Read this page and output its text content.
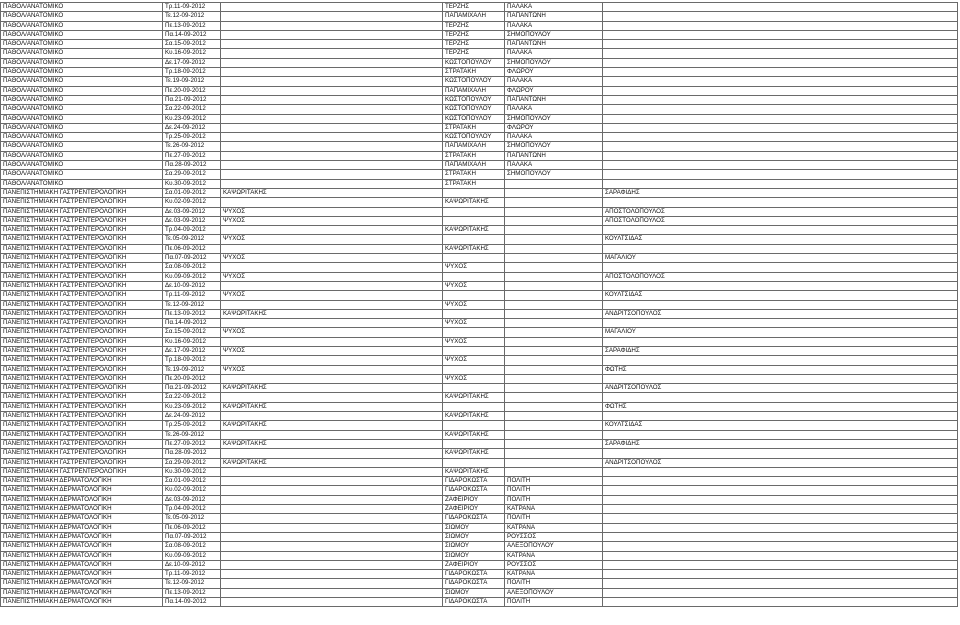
ΠΑΘΟΛ/ΑΝΑΤΟΜΙΚΟ	Τρ.11-09-2012		ΤΕΡΖΗΣ	ΠΑΛΑΚΑ	
ΠΑΘΟΛ/ΑΝΑΤΟΜΙΚΟ	Τε.12-09-2012		ΠΑΠΑΜΙΧΑΛΗ	ΠΑΠΑΝΤΩΝΗ	
ΠΑΘΟΛ/ΑΝΑΤΟΜΙΚΟ	Πε.13-09-2012		ΤΕΡΖΗΣ	ΠΑΛΑΚΑ	
ΠΑΘΟΛ/ΑΝΑΤΟΜΙΚΟ	Πα.14-09-2012		ΤΕΡΖΗΣ	ΣΗΜΟΠΟΥΛΟΥ	
ΠΑΘΟΛ/ΑΝΑΤΟΜΙΚΟ	Σα.15-09-2012		ΤΕΡΖΗΣ	ΠΑΠΑΝΤΩΝΗ	
ΠΑΘΟΛ/ΑΝΑΤΟΜΙΚΟ	Κυ.16-09-2012		ΤΕΡΖΗΣ	ΠΑΛΑΚΑ	
ΠΑΘΟΛ/ΑΝΑΤΟΜΙΚΟ	Δε.17-09-2012		ΚΩΣΤΟΠΟΥΛΟΥ	ΣΗΜΟΠΟΥΛΟΥ	
ΠΑΘΟΛ/ΑΝΑΤΟΜΙΚΟ	Τρ.18-09-2012		ΣΤΡΑΤΑΚΗ	ΦΛΩΡΟΥ	
ΠΑΘΟΛ/ΑΝΑΤΟΜΙΚΟ	Τε.19-09-2012		ΚΩΣΤΟΠΟΥΛΟΥ	ΠΑΛΑΚΑ	
ΠΑΘΟΛ/ΑΝΑΤΟΜΙΚΟ	Πε.20-09-2012		ΠΑΠΑΜΙΧΑΛΗ	ΦΛΩΡΟΥ	
ΠΑΘΟΛ/ΑΝΑΤΟΜΙΚΟ	Πα.21-09-2012		ΚΩΣΤΟΠΟΥΛΟΥ	ΠΑΠΑΝΤΩΝΗ	
ΠΑΘΟΛ/ΑΝΑΤΟΜΙΚΟ	Σα.22-09-2012		ΚΩΣΤΟΠΟΥΛΟΥ	ΠΑΛΑΚΑ	
ΠΑΘΟΛ/ΑΝΑΤΟΜΙΚΟ	Κυ.23-09-2012		ΚΩΣΤΟΠΟΥΛΟΥ	ΣΗΜΟΠΟΥΛΟΥ	
ΠΑΘΟΛ/ΑΝΑΤΟΜΙΚΟ	Δε.24-09-2012		ΣΤΡΑΤΑΚΗ	ΦΛΩΡΟΥ	
ΠΑΘΟΛ/ΑΝΑΤΟΜΙΚΟ	Τρ.25-09-2012		ΚΩΣΤΟΠΟΥΛΟΥ	ΠΑΛΑΚΑ	
ΠΑΘΟΛ/ΑΝΑΤΟΜΙΚΟ	Τε.26-09-2012		ΠΑΠΑΜΙΧΑΛΗ	ΣΗΜΟΠΟΥΛΟΥ	
ΠΑΘΟΛ/ΑΝΑΤΟΜΙΚΟ	Πε.27-09-2012		ΣΤΡΑΤΑΚΗ	ΠΑΠΑΝΤΩΝΗ	
ΠΑΘΟΛ/ΑΝΑΤΟΜΙΚΟ	Πα.28-09-2012		ΠΑΠΑΜΙΧΑΛΗ	ΠΑΛΑΚΑ	
ΠΑΘΟΛ/ΑΝΑΤΟΜΙΚΟ	Σα.29-09-2012		ΣΤΡΑΤΑΚΗ	ΣΗΜΟΠΟΥΛΟΥ	
ΠΑΘΟΛ/ΑΝΑΤΟΜΙΚΟ	Κυ.30-09-2012		ΣΤΡΑΤΑΚΗ		
ΠΑΝΕΠΙΣΤΗΜΙΑΚΗ ΓΑΣΤΡΕΝΤΕΡΟΛΟΓΙΚΗ	Σα.01-09-2012	ΚΑΨΩΡΙΤΑΚΗΣ			ΣΑΡΑΦΙΔΗΣ
ΠΑΝΕΠΙΣΤΗΜΙΑΚΗ ΓΑΣΤΡΕΝΤΕΡΟΛΟΓΙΚΗ	Κυ.02-09-2012		ΚΑΨΩΡΙΤΑΚΗΣ		
ΠΑΝΕΠΙΣΤΗΜΙΑΚΗ ΓΑΣΤΡΕΝΤΕΡΟΛΟΓΙΚΗ	Δε.03-09-2012	ΨΥΧΟΣ			ΑΠΟΣΤΟΛΟΠΟΥΛΟΣ
ΠΑΝΕΠΙΣΤΗΜΙΑΚΗ ΓΑΣΤΡΕΝΤΕΡΟΛΟΓΙΚΗ	Δε.03-09-2012	ΨΥΧΟΣ			ΑΠΟΣΤΟΛΟΠΟΥΛΟΣ
ΠΑΝΕΠΙΣΤΗΜΙΑΚΗ ΓΑΣΤΡΕΝΤΕΡΟΛΟΓΙΚΗ	Τρ.04-09-2012		ΚΑΨΩΡΙΤΑΚΗΣ		
ΠΑΝΕΠΙΣΤΗΜΙΑΚΗ ΓΑΣΤΡΕΝΤΕΡΟΛΟΓΙΚΗ	Τε.05-09-2012	ΨΥΧΟΣ			ΚΟΥΛΤΣΙΔΑΣ
ΠΑΝΕΠΙΣΤΗΜΙΑΚΗ ΓΑΣΤΡΕΝΤΕΡΟΛΟΓΙΚΗ	Πε.06-09-2012		ΚΑΨΩΡΙΤΑΚΗΣ		
ΠΑΝΕΠΙΣΤΗΜΙΑΚΗ ΓΑΣΤΡΕΝΤΕΡΟΛΟΓΙΚΗ	Πα.07-09-2012	ΨΥΧΟΣ			ΜΑΓΑΛΙΟΥ
ΠΑΝΕΠΙΣΤΗΜΙΑΚΗ ΓΑΣΤΡΕΝΤΕΡΟΛΟΓΙΚΗ	Σα.08-09-2012		ΨΥΧΟΣ		
ΠΑΝΕΠΙΣΤΗΜΙΑΚΗ ΓΑΣΤΡΕΝΤΕΡΟΛΟΓΙΚΗ	Κυ.09-09-2012	ΨΥΧΟΣ			ΑΠΟΣΤΟΛΟΠΟΥΛΟΣ
ΠΑΝΕΠΙΣΤΗΜΙΑΚΗ ΓΑΣΤΡΕΝΤΕΡΟΛΟΓΙΚΗ	Δε.10-09-2012		ΨΥΧΟΣ		
ΠΑΝΕΠΙΣΤΗΜΙΑΚΗ ΓΑΣΤΡΕΝΤΕΡΟΛΟΓΙΚΗ	Τρ.11-09-2012	ΨΥΧΟΣ			ΚΟΥΛΤΣΙΔΑΣ
ΠΑΝΕΠΙΣΤΗΜΙΑΚΗ ΓΑΣΤΡΕΝΤΕΡΟΛΟΓΙΚΗ	Τε.12-09-2012		ΨΥΧΟΣ		
ΠΑΝΕΠΙΣΤΗΜΙΑΚΗ ΓΑΣΤΡΕΝΤΕΡΟΛΟΓΙΚΗ	Πε.13-09-2012	ΚΑΨΩΡΙΤΑΚΗΣ			ΑΝΔΡΙΤΣΟΠΟΥΛΟΣ
ΠΑΝΕΠΙΣΤΗΜΙΑΚΗ ΓΑΣΤΡΕΝΤΕΡΟΛΟΓΙΚΗ	Πα.14-09-2012		ΨΥΧΟΣ		
ΠΑΝΕΠΙΣΤΗΜΙΑΚΗ ΓΑΣΤΡΕΝΤΕΡΟΛΟΓΙΚΗ	Σα.15-09-2012	ΨΥΧΟΣ			ΜΑΓΑΛΙΟΥ
ΠΑΝΕΠΙΣΤΗΜΙΑΚΗ ΓΑΣΤΡΕΝΤΕΡΟΛΟΓΙΚΗ	Κυ.16-09-2012		ΨΥΧΟΣ		
ΠΑΝΕΠΙΣΤΗΜΙΑΚΗ ΓΑΣΤΡΕΝΤΕΡΟΛΟΓΙΚΗ	Δε.17-09-2012	ΨΥΧΟΣ			ΣΑΡΑΦΙΔΗΣ
ΠΑΝΕΠΙΣΤΗΜΙΑΚΗ ΓΑΣΤΡΕΝΤΕΡΟΛΟΓΙΚΗ	Τρ.18-09-2012		ΨΥΧΟΣ		
ΠΑΝΕΠΙΣΤΗΜΙΑΚΗ ΓΑΣΤΡΕΝΤΕΡΟΛΟΓΙΚΗ	Τε.19-09-2012	ΨΥΧΟΣ			ΦΩΤΗΣ
ΠΑΝΕΠΙΣΤΗΜΙΑΚΗ ΓΑΣΤΡΕΝΤΕΡΟΛΟΓΙΚΗ	Πε.20-09-2012		ΨΥΧΟΣ		
ΠΑΝΕΠΙΣΤΗΜΙΑΚΗ ΓΑΣΤΡΕΝΤΕΡΟΛΟΓΙΚΗ	Πα.21-09-2012	ΚΑΨΩΡΙΤΑΚΗΣ			ΑΝΔΡΙΤΣΟΠΟΥΛΟΣ
ΠΑΝΕΠΙΣΤΗΜΙΑΚΗ ΓΑΣΤΡΕΝΤΕΡΟΛΟΓΙΚΗ	Σα.22-09-2012		ΚΑΨΩΡΙΤΑΚΗΣ		
ΠΑΝΕΠΙΣΤΗΜΙΑΚΗ ΓΑΣΤΡΕΝΤΕΡΟΛΟΓΙΚΗ	Κυ.23-09-2012	ΚΑΨΩΡΙΤΑΚΗΣ			ΦΩΤΗΣ
ΠΑΝΕΠΙΣΤΗΜΙΑΚΗ ΓΑΣΤΡΕΝΤΕΡΟΛΟΓΙΚΗ	Δε.24-09-2012		ΚΑΨΩΡΙΤΑΚΗΣ		
ΠΑΝΕΠΙΣΤΗΜΙΑΚΗ ΓΑΣΤΡΕΝΤΕΡΟΛΟΓΙΚΗ	Τρ.25-09-2012	ΚΑΨΩΡΙΤΑΚΗΣ			ΚΟΥΛΤΣΙΔΑΣ
ΠΑΝΕΠΙΣΤΗΜΙΑΚΗ ΓΑΣΤΡΕΝΤΕΡΟΛΟΓΙΚΗ	Τε.26-09-2012		ΚΑΨΩΡΙΤΑΚΗΣ		
ΠΑΝΕΠΙΣΤΗΜΙΑΚΗ ΓΑΣΤΡΕΝΤΕΡΟΛΟΓΙΚΗ	Πε.27-09-2012	ΚΑΨΩΡΙΤΑΚΗΣ			ΣΑΡΑΦΙΔΗΣ
ΠΑΝΕΠΙΣΤΗΜΙΑΚΗ ΓΑΣΤΡΕΝΤΕΡΟΛΟΓΙΚΗ	Πα.28-09-2012		ΚΑΨΩΡΙΤΑΚΗΣ		
ΠΑΝΕΠΙΣΤΗΜΙΑΚΗ ΓΑΣΤΡΕΝΤΕΡΟΛΟΓΙΚΗ	Σα.29-09-2012	ΚΑΨΩΡΙΤΑΚΗΣ			ΑΝΔΡΙΤΣΟΠΟΥΛΟΣ
ΠΑΝΕΠΙΣΤΗΜΙΑΚΗ ΓΑΣΤΡΕΝΤΕΡΟΛΟΓΙΚΗ	Κυ.30-09-2012		ΚΑΨΩΡΙΤΑΚΗΣ		
ΠΑΝΕΠΙΣΤΗΜΙΑΚΗ ΔΕΡΜΑΤΟΛΟΓΙΚΗ	Σα.01-09-2012		ΓΙΔΑΡΟΚΩΣΤΑ	ΠΟΛΙΤΗ	
ΠΑΝΕΠΙΣΤΗΜΙΑΚΗ ΔΕΡΜΑΤΟΛΟΓΙΚΗ	Κυ.02-09-2012		ΓΙΔΑΡΟΚΩΣΤΑ	ΠΟΛΙΤΗ	
ΠΑΝΕΠΙΣΤΗΜΙΑΚΗ ΔΕΡΜΑΤΟΛΟΓΙΚΗ	Δε.03-09-2012		ΖΑΦΕΙΡΙΟΥ	ΠΟΛΙΤΗ	
ΠΑΝΕΠΙΣΤΗΜΙΑΚΗ ΔΕΡΜΑΤΟΛΟΓΙΚΗ	Τρ.04-09-2012		ΖΑΦΕΙΡΙΟΥ	ΚΑΤΡΑΝΑ	
ΠΑΝΕΠΙΣΤΗΜΙΑΚΗ ΔΕΡΜΑΤΟΛΟΓΙΚΗ	Τε.05-09-2012		ΓΙΔΑΡΟΚΩΣΤΑ	ΠΟΛΙΤΗ	
ΠΑΝΕΠΙΣΤΗΜΙΑΚΗ ΔΕΡΜΑΤΟΛΟΓΙΚΗ	Πε.06-09-2012		ΣΙΩΜΟΥ	ΚΑΤΡΑΝΑ	
ΠΑΝΕΠΙΣΤΗΜΙΑΚΗ ΔΕΡΜΑΤΟΛΟΓΙΚΗ	Πα.07-09-2012		ΣΙΩΜΟΥ	ΡΟΥΣΣΟΣ	
ΠΑΝΕΠΙΣΤΗΜΙΑΚΗ ΔΕΡΜΑΤΟΛΟΓΙΚΗ	Σα.08-09-2012		ΣΙΩΜΟΥ	ΑΛΕΞΟΠΟΥΛΟΥ	
ΠΑΝΕΠΙΣΤΗΜΙΑΚΗ ΔΕΡΜΑΤΟΛΟΓΙΚΗ	Κυ.09-09-2012		ΣΙΩΜΟΥ	ΚΑΤΡΑΝΑ	
ΠΑΝΕΠΙΣΤΗΜΙΑΚΗ ΔΕΡΜΑΤΟΛΟΓΙΚΗ	Δε.10-09-2012		ΖΑΦΕΙΡΙΟΥ	ΡΟΥΣΣΟΣ	
ΠΑΝΕΠΙΣΤΗΜΙΑΚΗ ΔΕΡΜΑΤΟΛΟΓΙΚΗ	Τρ.11-09-2012		ΓΙΔΑΡΟΚΩΣΤΑ	ΚΑΤΡΑΝΑ	
ΠΑΝΕΠΙΣΤΗΜΙΑΚΗ ΔΕΡΜΑΤΟΛΟΓΙΚΗ	Τε.12-09-2012		ΓΙΔΑΡΟΚΩΣΤΑ	ΠΟΛΙΤΗ	
ΠΑΝΕΠΙΣΤΗΜΙΑΚΗ ΔΕΡΜΑΤΟΛΟΓΙΚΗ	Πε.13-09-2012		ΣΙΩΜΟΥ	ΑΛΕΞΟΠΟΥΛΟΥ	
ΠΑΝΕΠΙΣΤΗΜΙΑΚΗ ΔΕΡΜΑΤΟΛΟΓΙΚΗ	Πα.14-09-2012		ΓΙΔΑΡΟΚΩΣΤΑ	ΠΟΛΙΤΗ	
